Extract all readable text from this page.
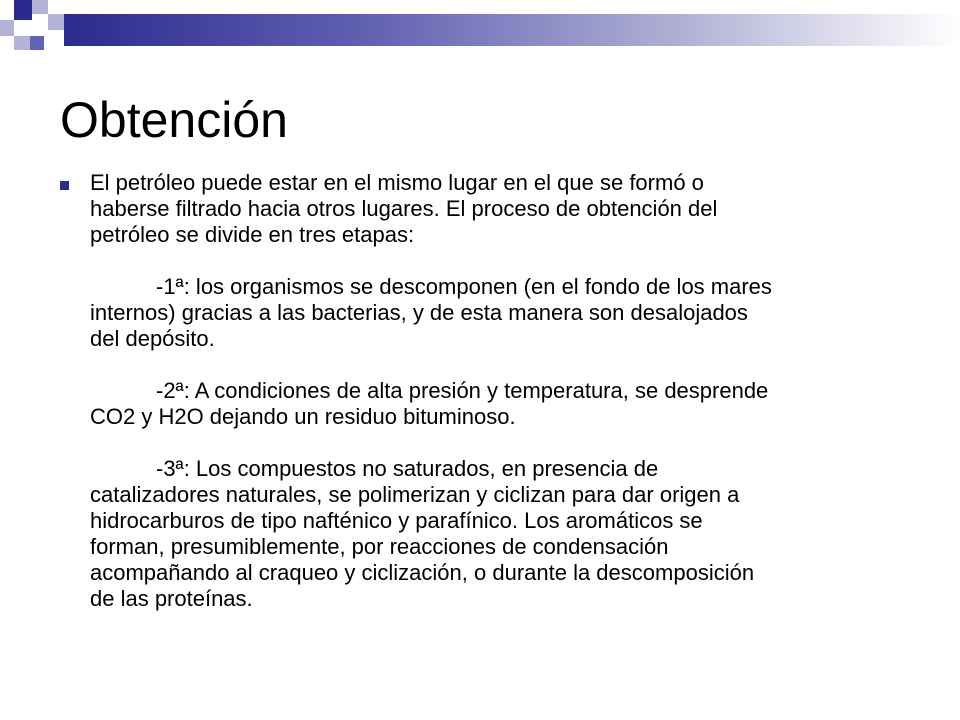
Obtención
El petróleo puede estar en el mismo lugar en el que se formó o
haberse filtrado hacia otros lugares. El proceso de obtención del
petróleo se divide en tres etapas:

-1ª: los organismos se descomponen (en el fondo de los mares
internos) gracias a las bacterias, y de esta manera son desalojados
del depósito.

-2ª: A condiciones de alta presión y temperatura, se desprende
CO2 y H2O dejando un residuo bituminoso.

-3ª: Los compuestos no saturados, en presencia de
catalizadores naturales, se polimerizan y ciclizan para dar origen a
hidrocarburos de tipo nafténico y parafínico. Los aromáticos se
forman, presumiblemente, por reacciones de condensación
acompañando al craqueo y ciclización, o durante la descomposición
de las proteínas.
